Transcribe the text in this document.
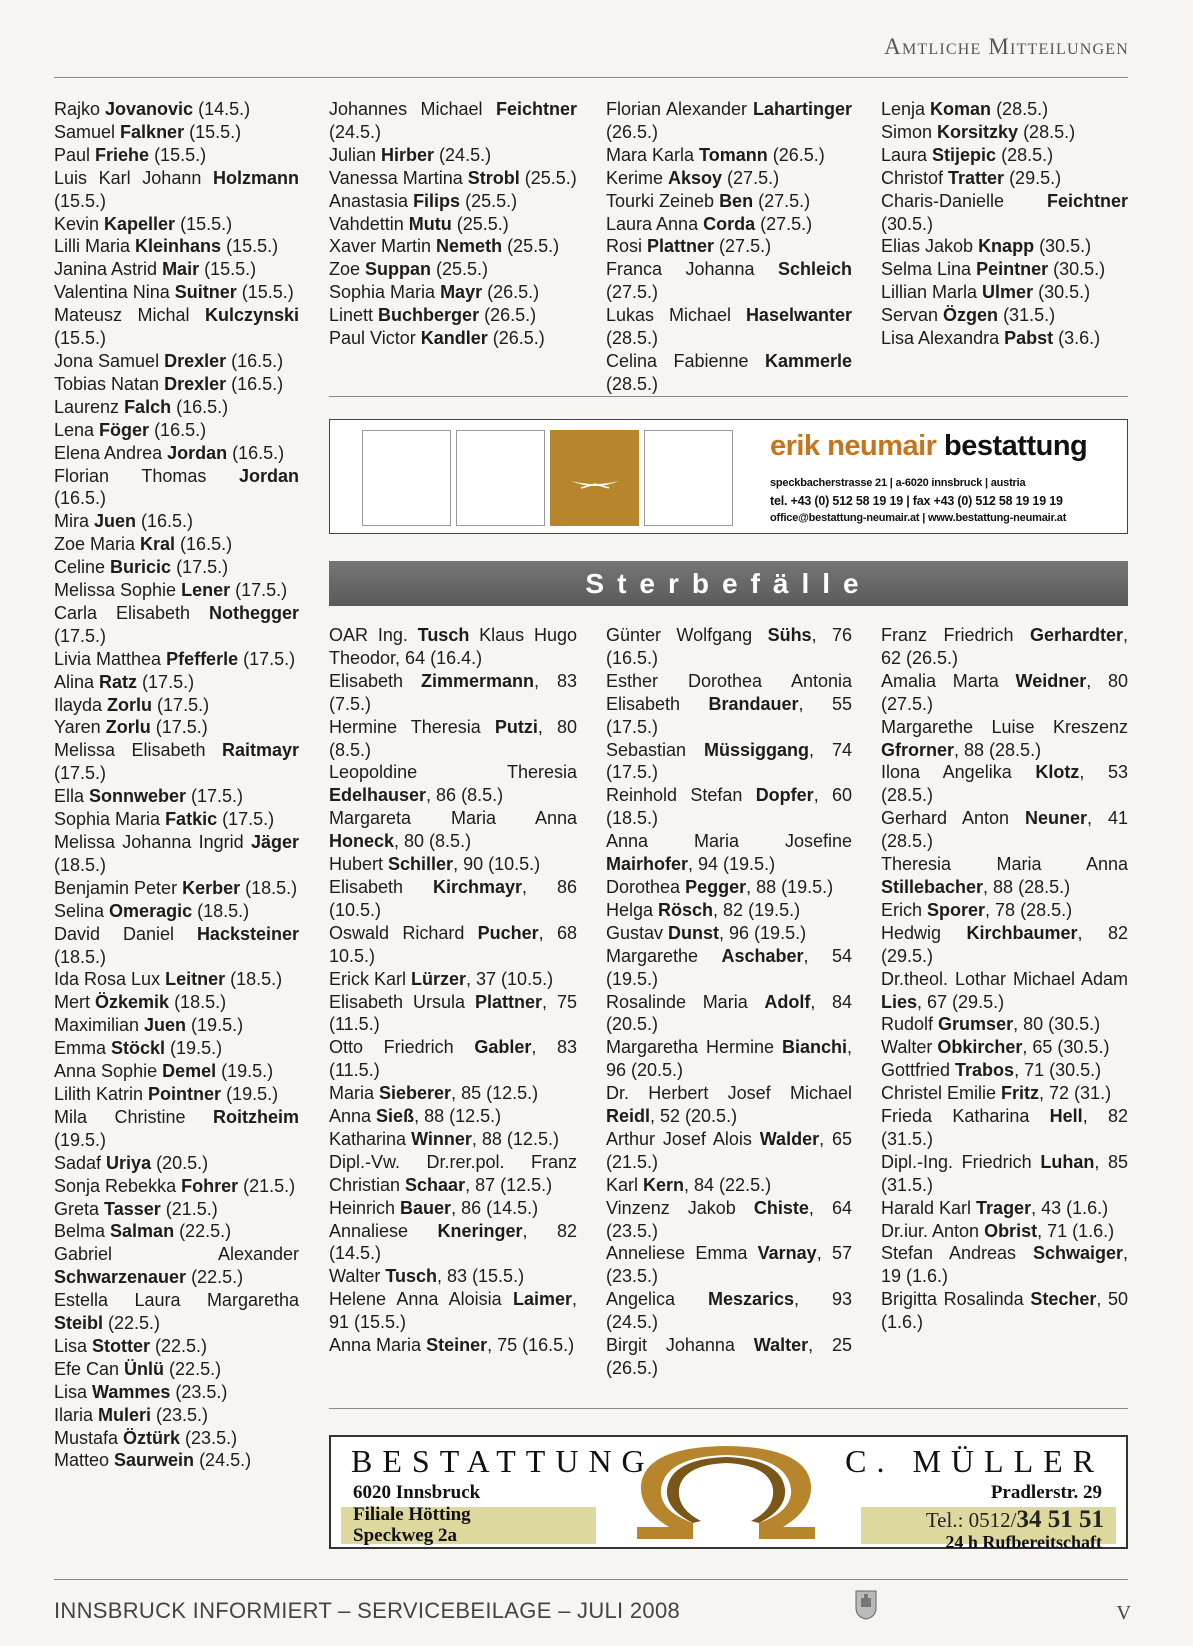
Amtliche Mitteilungen
Rajko Jovanovic (14.5.)
Samuel Falkner (15.5.)
Paul Friehe (15.5.)
Luis Karl Johann Holzmann (15.5.)
Kevin Kapeller (15.5.)
Lilli Maria Kleinhans (15.5.)
Janina Astrid Mair (15.5.)
Valentina Nina Suitner (15.5.)
Mateusz Michal Kulczynski (15.5.)
Jona Samuel Drexler (16.5.)
Tobias Natan Drexler (16.5.)
Laurenz Falch (16.5.)
Lena Föger (16.5.)
Elena Andrea Jordan (16.5.)
Florian Thomas Jordan (16.5.)
Mira Juen (16.5.)
Zoe Maria Kral (16.5.)
Celine Buricic (17.5.)
Melissa Sophie Lener (17.5.)
Carla Elisabeth Nothegger (17.5.)
Livia Matthea Pfefferle (17.5.)
Alina Ratz (17.5.)
Ilayda Zorlu (17.5.)
Yaren Zorlu (17.5.)
Melissa Elisabeth Raitmayr (17.5.)
Ella Sonnweber (17.5.)
Sophia Maria Fatkic (17.5.)
Melissa Johanna Ingrid Jäger (18.5.)
Benjamin Peter Kerber (18.5.)
Selina Omeragic (18.5.)
David Daniel Hacksteiner (18.5.)
Ida Rosa Lux Leitner (18.5.)
Mert Özkemik (18.5.)
Maximilian Juen (19.5.)
Emma Stöckl (19.5.)
Anna Sophie Demel (19.5.)
Lilith Katrin Pointner (19.5.)
Mila Christine Roitzheim (19.5.)
Sadaf Uriya (20.5.)
Sonja Rebekka Fohrer (21.5.)
Greta Tasser (21.5.)
Belma Salman (22.5.)
Gabriel Alexander Schwarzenauer (22.5.)
Estella Laura Margaretha Steibl (22.5.)
Lisa Stotter (22.5.)
Efe Can Ünlü (22.5.)
Lisa Wammes (23.5.)
Ilaria Muleri (23.5.)
Mustafa Öztürk (23.5.)
Matteo Saurwein (24.5.)
Johannes Michael Feichtner (24.5.)
Julian Hirber (24.5.)
Vanessa Martina Strobl (25.5.)
Anastasia Filips (25.5.)
Vahdettin Mutu (25.5.)
Xaver Martin Nemeth (25.5.)
Zoe Suppan (25.5.)
Sophia Maria Mayr (26.5.)
Linett Buchberger (26.5.)
Paul Victor Kandler (26.5.)
Florian Alexander Lahartinger (26.5.)
Mara Karla Tomann (26.5.)
Kerime Aksoy (27.5.)
Tourki Zeineb Ben (27.5.)
Laura Anna Corda (27.5.)
Rosi Plattner (27.5.)
Franca Johanna Schleich (27.5.)
Lukas Michael Haselwanter (28.5.)
Celina Fabienne Kammerle (28.5.)
Lenja Koman (28.5.)
Simon Korsitzky (28.5.)
Laura Stijepic (28.5.)
Christof Tratter (29.5.)
Charis-Danielle Feichtner (30.5.)
Elias Jakob Knapp (30.5.)
Selma Lina Peintner (30.5.)
Lillian Marla Ulmer (30.5.)
Servan Özgen (31.5.)
Lisa Alexandra Pabst (3.6.)
erik neumair bestattung
speckbacherstrasse 21 | a-6020 innsbruck | austria
tel. +43 (0) 512 58 19 19 | fax +43 (0) 512 58 19 19 19
office@bestattung-neumair.at | www.bestattung-neumair.at
Sterbefälle
OAR Ing. Tusch Klaus Hugo Theodor, 64 (16.4.)
Elisabeth Zimmermann, 83 (7.5.)
Hermine Theresia Putzi, 80 (8.5.)
Leopoldine Theresia Edelhauser, 86 (8.5.)
Margareta Maria Anna Honeck, 80 (8.5.)
Hubert Schiller, 90 (10.5.)
Elisabeth Kirchmayr, 86 (10.5.)
Oswald Richard Pucher, 68 10.5.)
Erick Karl Lürzer, 37 (10.5.)
Elisabeth Ursula Plattner, 75 (11.5.)
Otto Friedrich Gabler, 83 (11.5.)
Maria Sieberer, 85 (12.5.)
Anna Sieß, 88 (12.5.)
Katharina Winner, 88 (12.5.)
Dipl.-Vw. Dr.rer.pol. Franz Christian Schaar, 87 (12.5.)
Heinrich Bauer, 86 (14.5.)
Annaliese Kneringer, 82 (14.5.)
Walter Tusch, 83 (15.5.)
Helene Anna Aloisia Laimer, 91 (15.5.)
Anna Maria Steiner, 75 (16.5.)
Günter Wolfgang Sühs, 76 (16.5.)
Esther Dorothea Antonia Elisabeth Brandauer, 55 (17.5.)
Sebastian Müssiggang, 74 (17.5.)
Reinhold Stefan Dopfer, 60 (18.5.)
Anna Maria Josefine Mairhofer, 94 (19.5.)
Dorothea Pegger, 88 (19.5.)
Helga Rösch, 82 (19.5.)
Gustav Dunst, 96 (19.5.)
Margarethe Aschaber, 54 (19.5.)
Rosalinde Maria Adolf, 84 (20.5.)
Margaretha Hermine Bianchi, 96 (20.5.)
Dr. Herbert Josef Michael Reidl, 52 (20.5.)
Arthur Josef Alois Walder, 65 (21.5.)
Karl Kern, 84 (22.5.)
Vinzenz Jakob Chiste, 64 (23.5.)
Anneliese Emma Varnay, 57 (23.5.)
Angelica Meszarics, 93 (24.5.)
Birgit Johanna Walter, 25 (26.5.)
Franz Friedrich Gerhardter, 62 (26.5.)
Amalia Marta Weidner, 80 (27.5.)
Margarethe Luise Kreszenz Gfrorner, 88 (28.5.)
Ilona Angelika Klotz, 53 (28.5.)
Gerhard Anton Neuner, 41 (28.5.)
Theresia Maria Anna Stillebacher, 88 (28.5.)
Erich Sporer, 78 (28.5.)
Hedwig Kirchbaumer, 82 (29.5.)
Dr.theol. Lothar Michael Adam Lies, 67 (29.5.)
Rudolf Grumser, 80 (30.5.)
Walter Obkircher, 65 (30.5.)
Gottfried Trabos, 71 (30.5.)
Christel Emilie Fritz, 72 (31.)
Frieda Katharina Hell, 82 (31.5.)
Dipl.-Ing. Friedrich Luhan, 85 (31.5.)
Harald Karl Trager, 43 (1.6.)
Dr.iur. Anton Obrist, 71 (1.6.)
Stefan Andreas Schwaiger, 19 (1.6.)
Brigitta Rosalinda Stecher, 50 (1.6.)
BESTATTUNG	C. MÜLLER
6020 Innsbruck	Pradlerstr. 29
Filiale Hötting
Speckweg 2a
Tel.: 0512/34 51 51
24 h Rufbereitschaft
INNSBRUCK INFORMIERT – SERVICEBEILAGE – JULI 2008	V
